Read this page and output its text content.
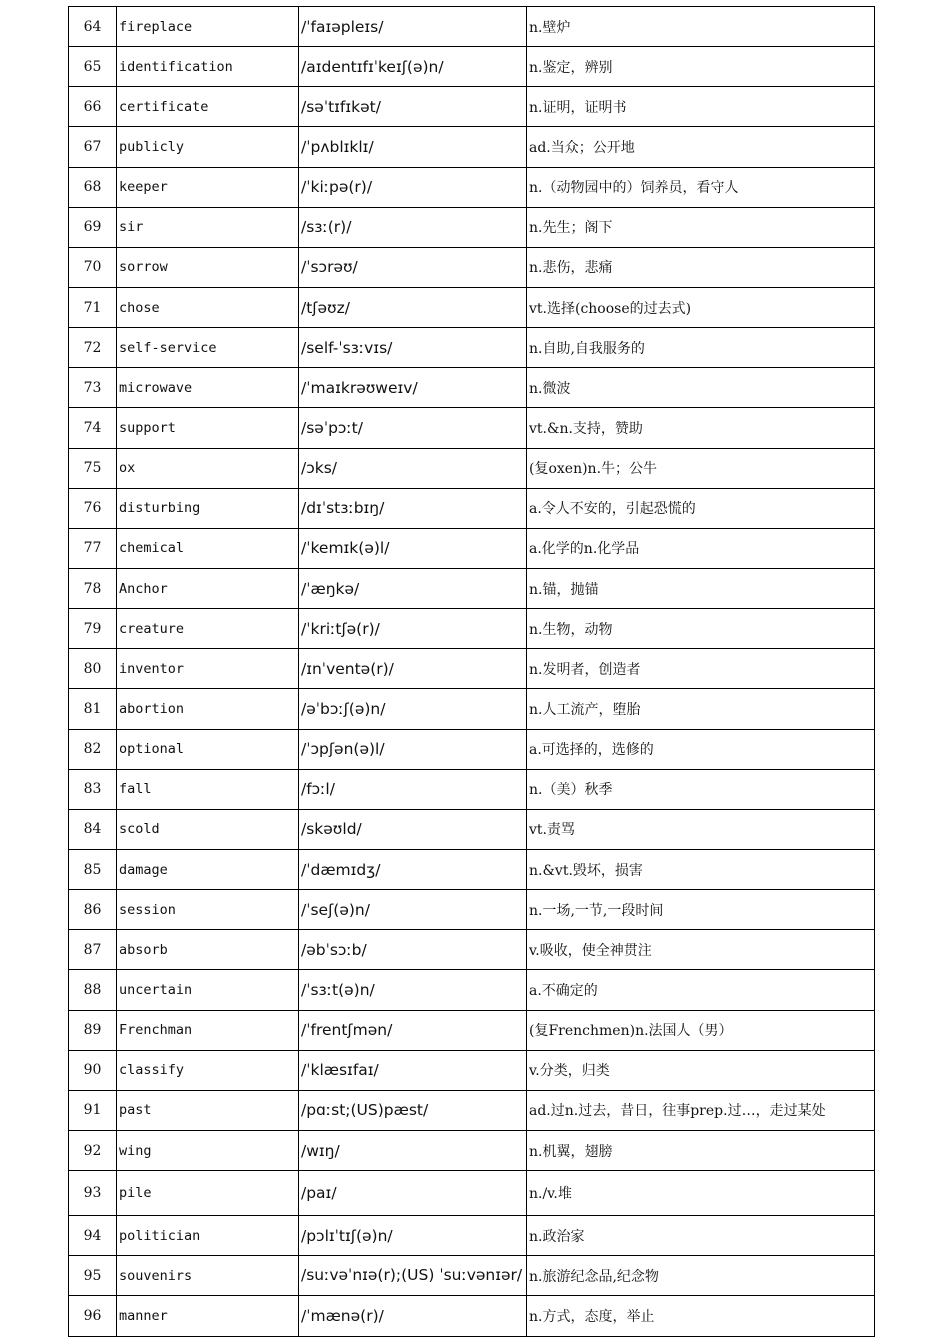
64	fireplace	/ˈfaɪəpleɪs/	n.壁炉
65	identification	/aɪdentɪfɪˈkeɪʃ(ə)n/	n.鉴定，辨别
66	certificate	/səˈtɪfɪkət/	n.证明，证明书
67	publicly	/ˈpʌblɪklɪ/	ad.当众；公开地
68	keeper	/ˈkiːpə(r)/	n.（动物园中的）饲养员，看守人
69	sir	/sɜː(r)/	n.先生；阁下
70	sorrow	/ˈsɔrəʊ/	n.悲伤，悲痛
71	chose	/tʃəʊz/	vt.选择(choose的过去式)
72	self-service	/self-ˈsɜːvɪs/	n.自助,自我服务的
73	microwave	/ˈmaɪkrəʊweɪv/	n.微波
74	support	/səˈpɔːt/	vt.&n.支持，赞助
75	ox	/ɔks/	(复oxen)n.牛；公牛
76	disturbing	/dɪˈstɜːbɪŋ/	a.令人不安的，引起恐慌的
77	chemical	/ˈkemɪk(ə)l/	a.化学的n.化学品
78	Anchor	/ˈæŋkə/	n.锚，抛锚
79	creature	/ˈkriːtʃə(r)/	n.生物，动物
80	inventor	/ɪnˈventə(r)/	n.发明者，创造者
81	abortion	/əˈbɔːʃ(ə)n/	n.人工流产，堕胎
82	optional	/ˈɔpʃən(ə)l/	a.可选择的，选修的
83	fall	/fɔːl/	n.（美）秋季
84	scold	/skəʊld/	vt.责骂
85	damage	/ˈdæmɪdʒ/	n.&vt.毁坏，损害
86	session	/ˈseʃ(ə)n/	n.一场,一节,一段时间
87	absorb	/əbˈsɔːb/	v.吸收，使全神贯注
88	uncertain	/ˈsɜːt(ə)n/	a.不确定的
89	Frenchman	/ˈfrentʃmən/	(复Frenchmen)n.法国人（男）
90	classify	/ˈklæsɪfaɪ/	v.分类，归类
91	past	/pɑːst;(US)pæst/	ad.过n.过去，昔日，往事prep.过…，走过某处
92	wing	/wɪŋ/	n.机翼，翅膀
93	pile	/paɪ/	n./v.堆
94	politician	/pɔlɪˈtɪʃ(ə)n/	n.政治家
95	souvenirs	/suːvəˈnɪə(r);(US) ˈsuːvənɪər/	n.旅游纪念品,纪念物
96	manner	/ˈmænə(r)/	n.方式，态度，举止
